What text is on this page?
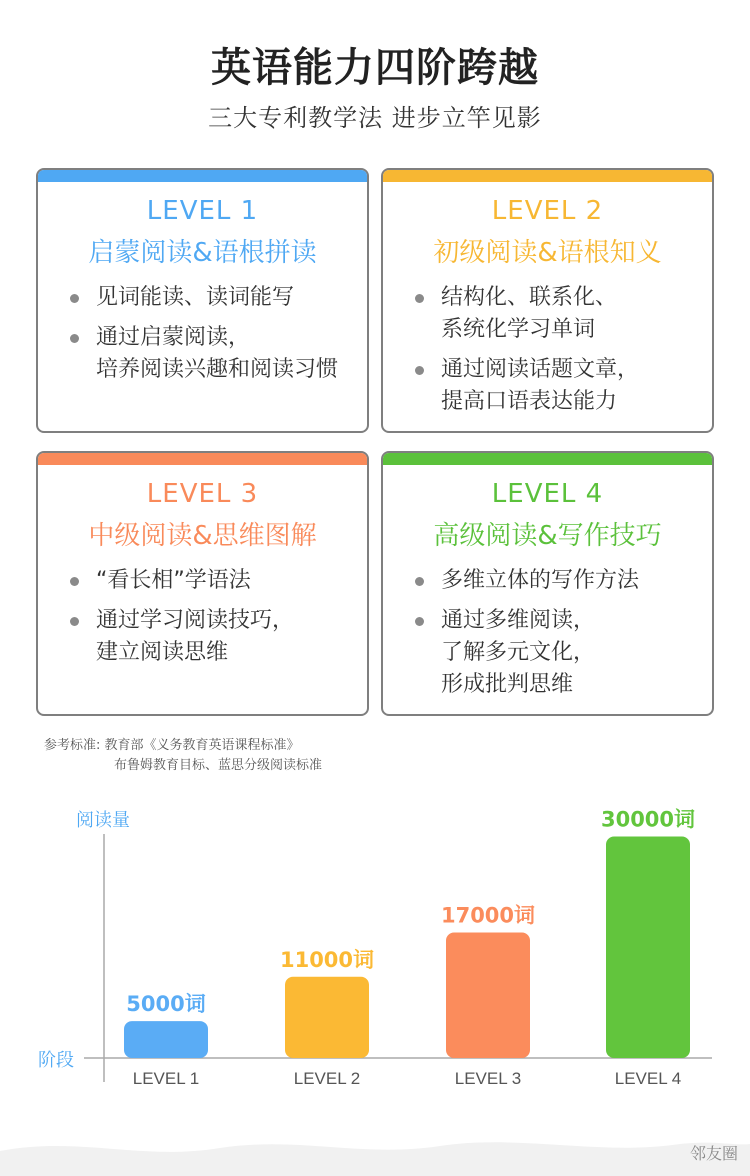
英语能力四阶跨越
三大专利教学法 进步立竿见影
LEVEL 1
启蒙阅读&语根拼读
见词能读、读词能写
通过启蒙阅读，
培养阅读兴趣和阅读习惯
LEVEL 2
初级阅读&语根知义
结构化、联系化、
系统化学习单词
通过阅读话题文章，
提高口语表达能力
LEVEL 3
中级阅读&思维图解
“看长相”学语法
通过学习阅读技巧，
建立阅读思维
LEVEL 4
高级阅读&写作技巧
多维立体的写作方法
通过多维阅读，
了解多元文化，
形成批判思维
参考标准: 教育部《义务教育英语课程标准》
布鲁姆教育目标、蓝思分级阅读标准
阅读量
阶段
5000词
LEVEL 1
11000词
LEVEL 2
17000词
LEVEL 3
30000词
LEVEL 4
邻友圈
